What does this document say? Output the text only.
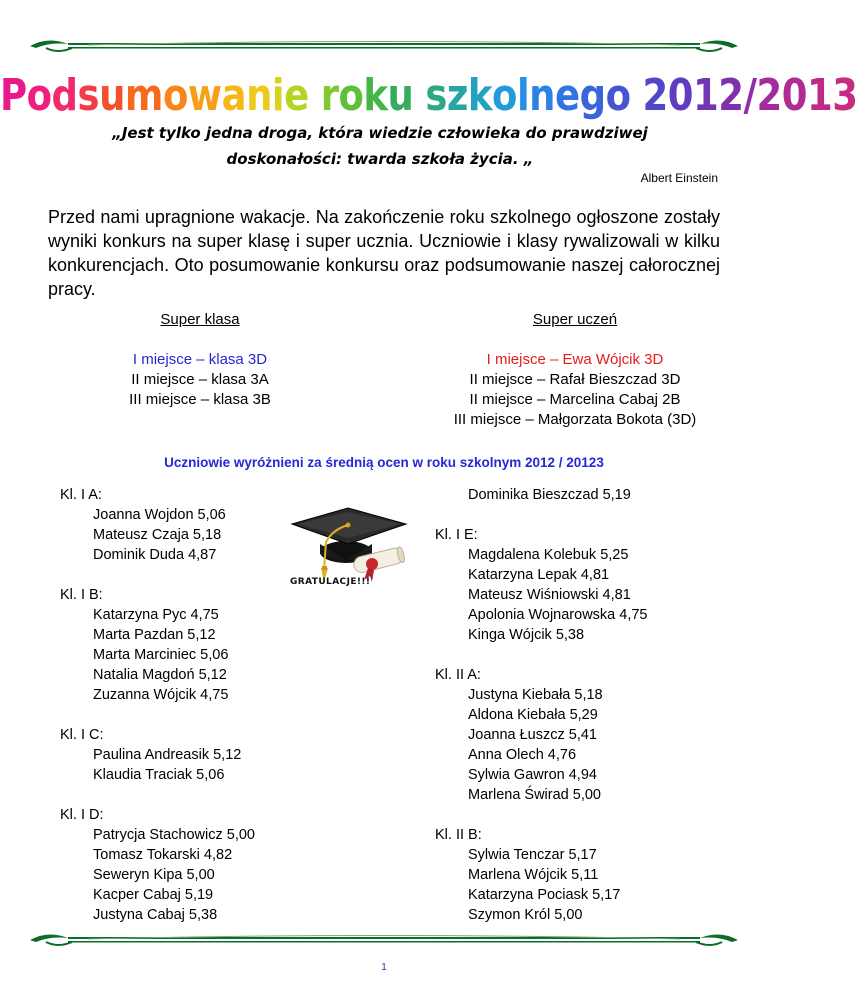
Podsumowanie roku szkolnego 2012/2013
„Jest tylko jedna droga, która wiedzie człowieka do prawdziwej
doskonałości: twarda szkoła życia. „
Albert Einstein
Przed nami upragnione wakacje. Na zakończenie roku szkolnego ogłoszone zostały wyniki konkurs na super klasę i super ucznia. Uczniowie i klasy rywalizowali w kilku konkurencjach. Oto posumowanie konkursu oraz podsumowanie naszej całorocznej pracy.
Super klasa	Super uczeń
I miejsce – klasa 3D
II miejsce – klasa 3A
III miejsce – klasa 3B
I miejsce – Ewa Wójcik 3D
II miejsce – Rafał Bieszczad 3D
II miejsce – Marcelina Cabaj 2B
III miejsce – Małgorzata Bokota (3D)
Uczniowie wyróżnieni za średnią ocen w roku szkolnym 2012 / 20123
Kl. I A:
Joanna Wojdon 5,06
Mateusz Czaja 5,18
Dominik Duda 4,87
Kl. I B:
Katarzyna Pyc 4,75
Marta Pazdan 5,12
Marta Marciniec 5,06
Natalia Magdoń 5,12
Zuzanna Wójcik 4,75
Kl. I C:
Paulina Andreasik 5,12
Klaudia Traciak 5,06
Kl. I D:
Patrycja Stachowicz 5,00
Tomasz Tokarski 4,82
Seweryn Kipa 5,00
Kacper Cabaj 5,19
Justyna Cabaj 5,38
Dominika Bieszczad 5,19
Kl. I E:
Magdalena Kolebuk 5,25
Katarzyna Lepak 4,81
Mateusz Wiśniowski 4,81
Apolonia Wojnarowska 4,75
Kinga Wójcik 5,38
Kl. II A:
Justyna Kiebała 5,18
Aldona Kiebała 5,29
Joanna Łuszcz 5,41
Anna Olech 4,76
Sylwia Gawron 4,94
Marlena Świrad 5,00
Kl. II B:
Sylwia Tenczar 5,17
Marlena Wójcik 5,11
Katarzyna Pociask 5,17
Szymon Król 5,00
GRATULACJE!!!
1
